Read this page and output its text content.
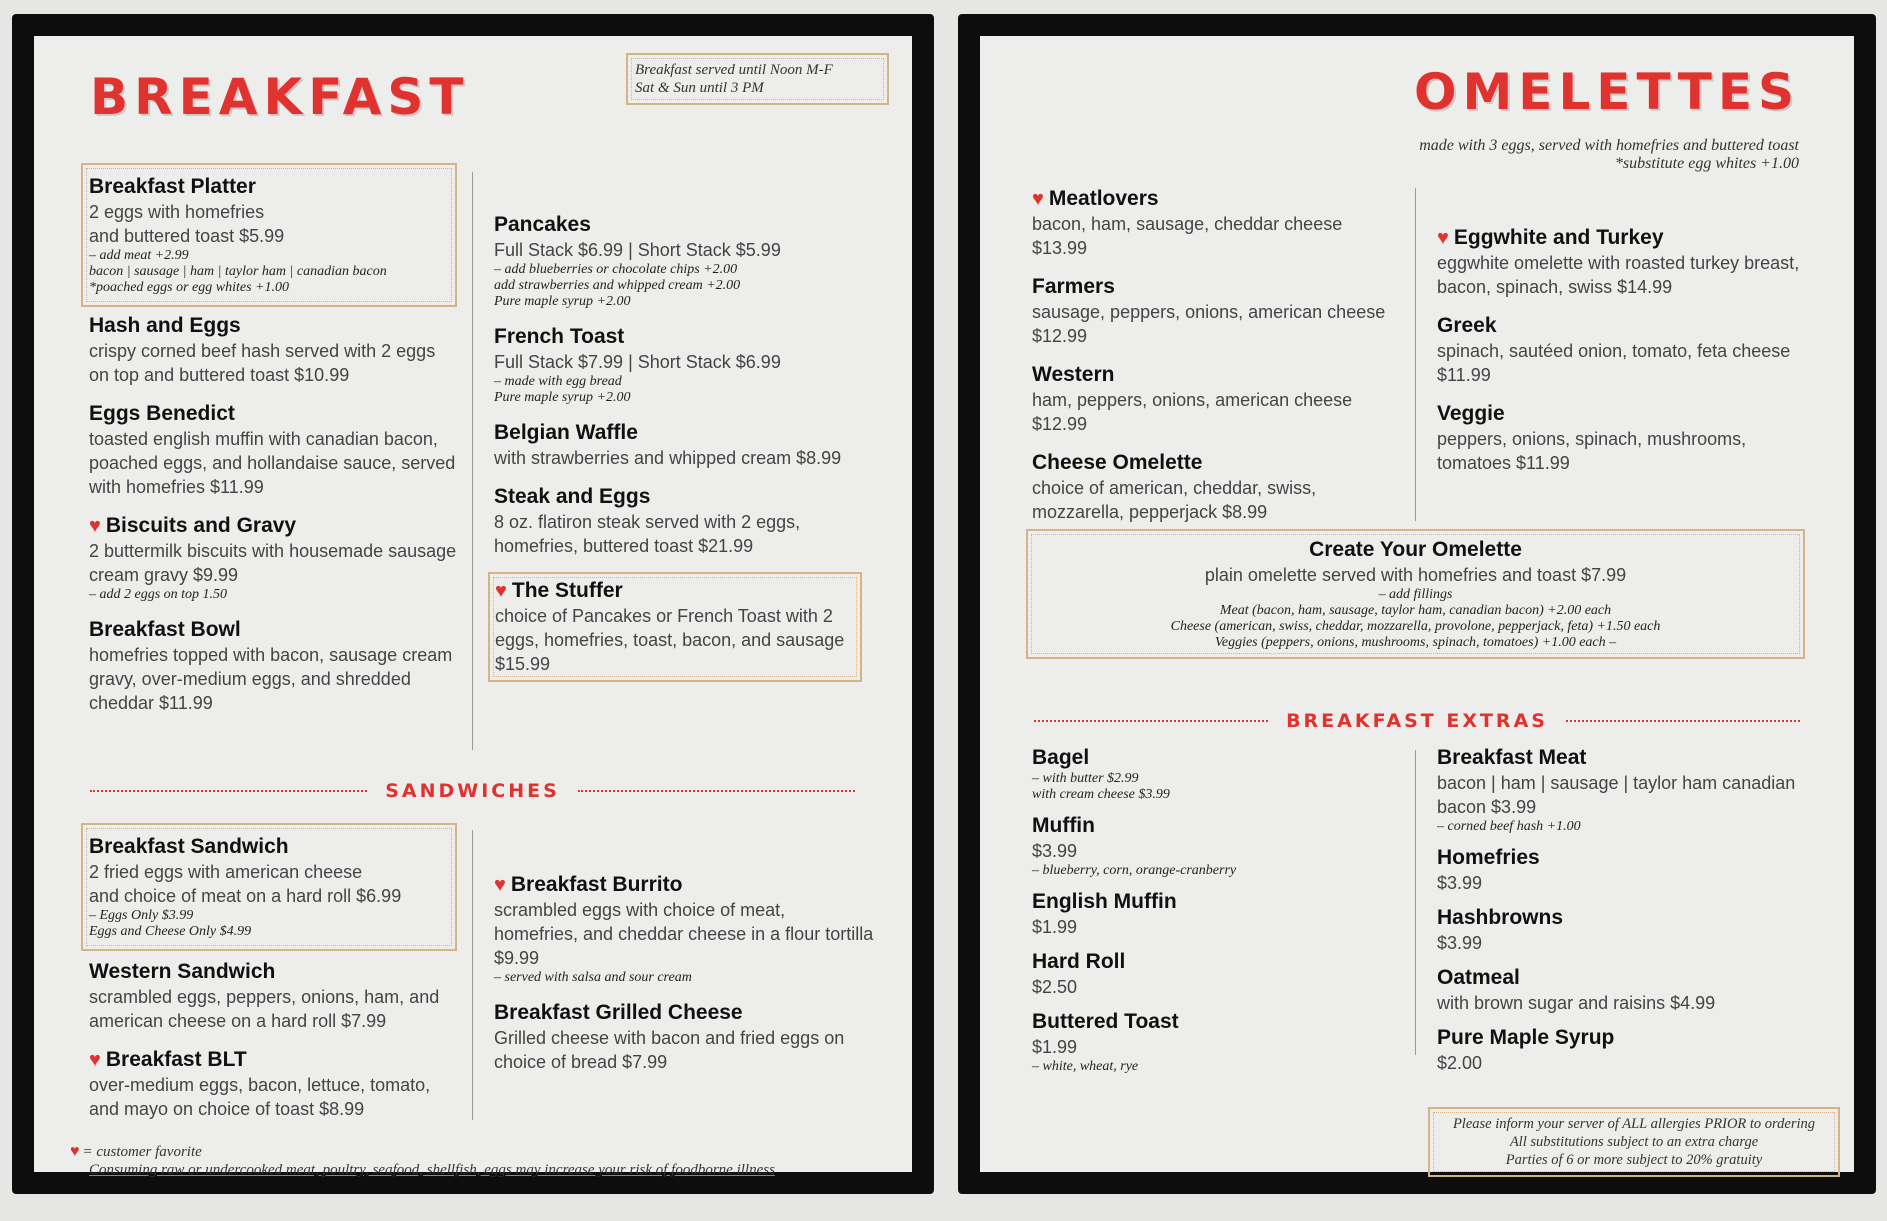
BREAKFAST	Breakfast served until Noon M-F
Sat & Sun until 3 PM
Breakfast Platter
2 eggs with homefries
and buttered toast $5.99
– add meat +2.99
bacon | sausage | ham | taylor ham | canadian bacon
*poached eggs or egg whites +1.00
Hash and Eggs
crispy corned beef hash served with 2 eggs on top and buttered toast $10.99
Eggs Benedict
toasted english muffin with canadian bacon, poached eggs, and hollandaise sauce, served with homefries $11.99
♥ Biscuits and Gravy
2 buttermilk biscuits with housemade sausage cream gravy $9.99
– add 2 eggs on top 1.50
Breakfast Bowl
homefries topped with bacon, sausage cream gravy, over-medium eggs, and shredded cheddar $11.99
Pancakes
Full Stack $6.99 | Short Stack $5.99
– add blueberries or chocolate chips +2.00
add strawberries and whipped cream +2.00
Pure maple syrup +2.00
French Toast
Full Stack $7.99 | Short Stack $6.99
– made with egg bread
Pure maple syrup +2.00
Belgian Waffle
with strawberries and whipped cream $8.99
Steak and Eggs
8 oz. flatiron steak served with 2 eggs, homefries, buttered toast $21.99
♥ The Stuffer
choice of Pancakes or French Toast with 2 eggs, homefries, toast, bacon, and sausage $15.99
SANDWICHES
Breakfast Sandwich
2 fried eggs with american cheese
and choice of meat on a hard roll $6.99
– Eggs Only $3.99
Eggs and Cheese Only $4.99
Western Sandwich
scrambled eggs, peppers, onions, ham, and american cheese on a hard roll $7.99
♥ Breakfast BLT
over-medium eggs, bacon, lettuce, tomato, and mayo on choice of toast $8.99
♥ Breakfast Burrito
scrambled eggs with choice of meat, homefries, and cheddar cheese in a flour tortilla $9.99
– served with salsa and sour cream
Breakfast Grilled Cheese
Grilled cheese with bacon and fried eggs on choice of bread $7.99
♥ = customer favorite
Consuming raw or undercooked meat, poultry, seafood, shellfish, eggs may increase your risk of foodborne illness
OMELETTES
made with 3 eggs, served with homefries and buttered toast
*substitute egg whites +1.00
♥ Meatlovers
bacon, ham, sausage, cheddar cheese $13.99
Farmers
sausage, peppers, onions, american cheese $12.99
Western
ham, peppers, onions, american cheese $12.99
Cheese Omelette
choice of american, cheddar, swiss, mozzarella, pepperjack $8.99
♥ Eggwhite and Turkey
eggwhite omelette with roasted turkey breast, bacon, spinach, swiss $14.99
Greek
spinach, sautéed onion, tomato, feta cheese $11.99
Veggie
peppers, onions, spinach, mushrooms, tomatoes $11.99
Create Your Omelette
plain omelette served with homefries and toast $7.99
– add fillings
Meat (bacon, ham, sausage, taylor ham, canadian bacon) +2.00 each
Cheese (american, swiss, cheddar, mozzarella, provolone, pepperjack, feta) +1.50 each
Veggies (peppers, onions, mushrooms, spinach, tomatoes) +1.00 each –
BREAKFAST EXTRAS
Bagel
– with butter $2.99
with cream cheese $3.99
Muffin
$3.99
– blueberry, corn, orange-cranberry
English Muffin
$1.99
Hard Roll
$2.50
Buttered Toast
$1.99
– white, wheat, rye
Breakfast Meat
bacon | ham | sausage | taylor ham canadian bacon $3.99
– corned beef hash +1.00
Homefries
$3.99
Hashbrowns
$3.99
Oatmeal
with brown sugar and raisins $4.99
Pure Maple Syrup
$2.00
Please inform your server of ALL allergies PRIOR to ordering
All substitutions subject to an extra charge
Parties of 6 or more subject to 20% gratuity
